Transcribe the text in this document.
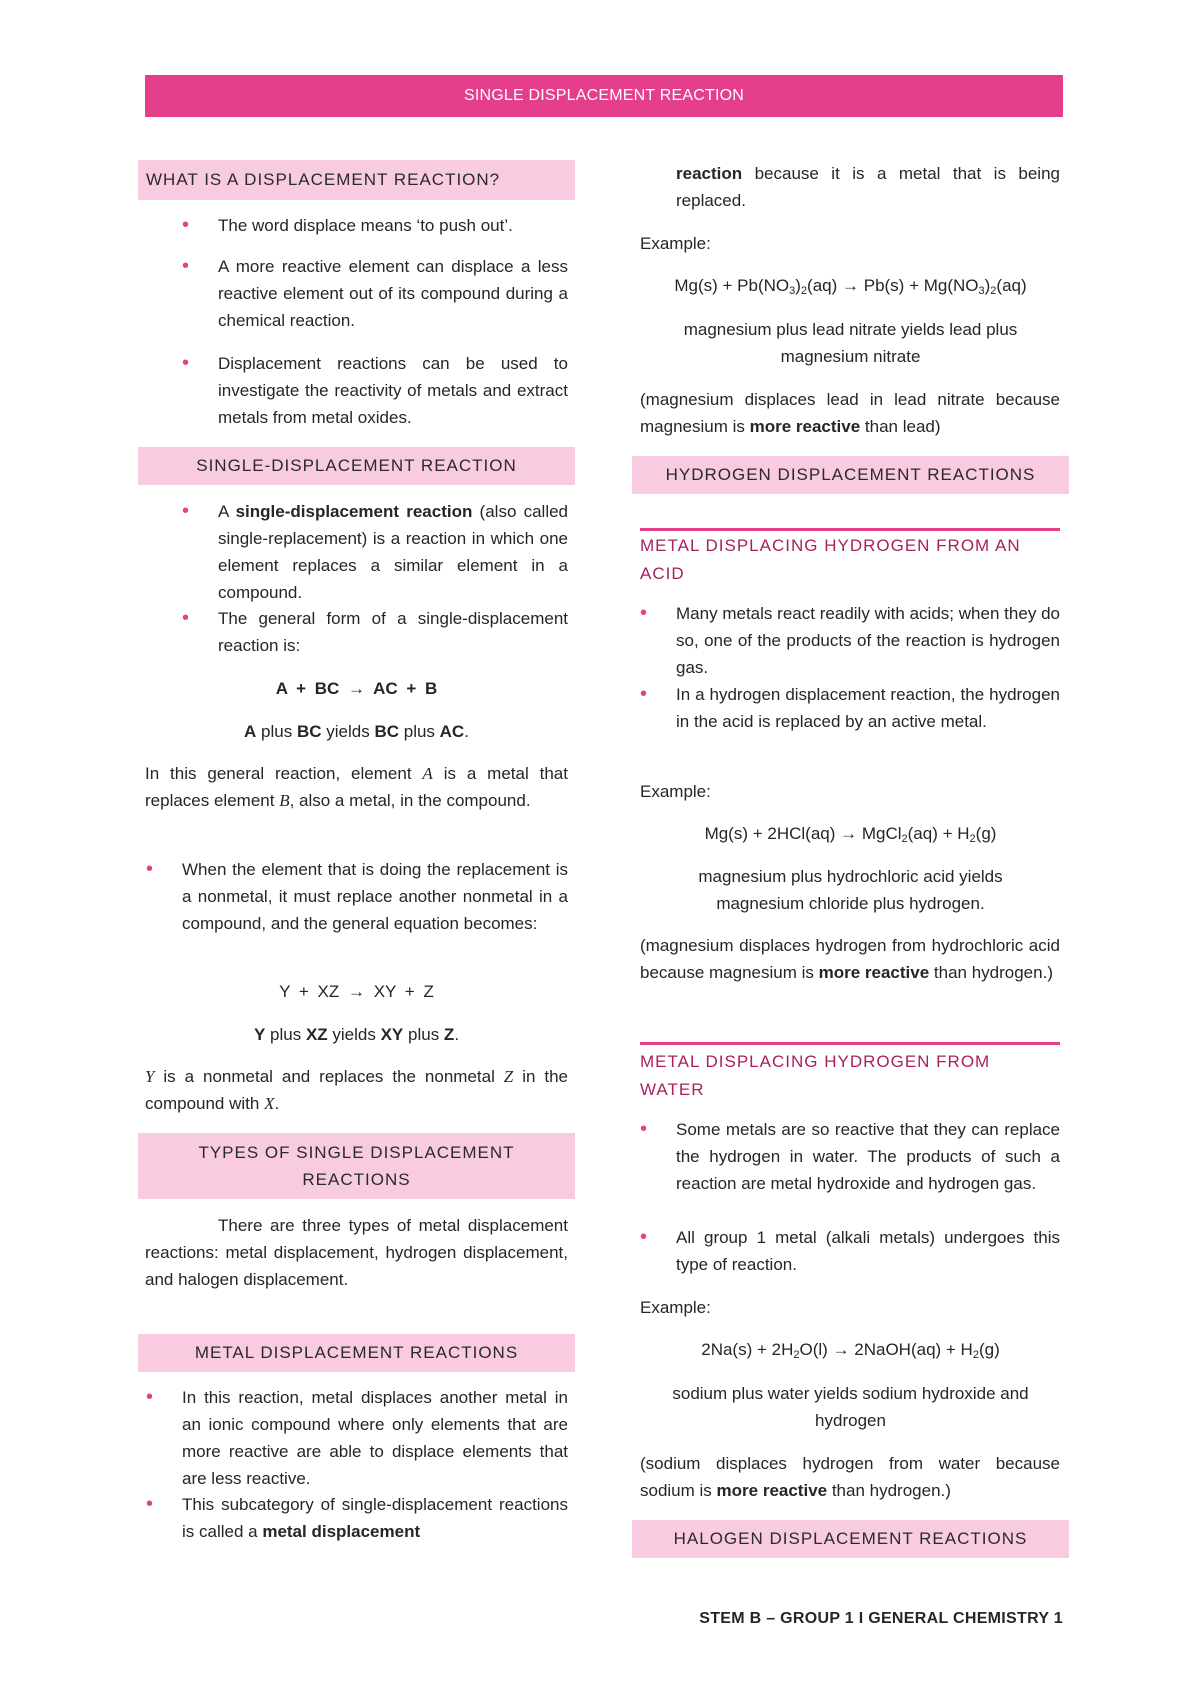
SINGLE DISPLACEMENT REACTION
WHAT IS A DISPLACEMENT REACTION?
• The word displace means ‘to push out’.
• A more reactive element can displace a less reactive element out of its compound during a chemical reaction.
• Displacement reactions can be used to investigate the reactivity of metals and extract metals from metal oxides.
SINGLE-DISPLACEMENT REACTION
• A single-displacement reaction (also called single-replacement) is a reaction in which one element replaces a similar element in a compound.
• The general form of a single-displacement reaction is:
A + BC → AC + B
A plus BC yields BC plus AC.
In this general reaction, element A is a metal that replaces element B, also a metal, in the compound.
• When the element that is doing the replacement is a nonmetal, it must replace another nonmetal in a compound, and the general equation becomes:
Y + XZ → XY + Z
Y plus XZ yields XY plus Z.
Y is a nonmetal and replaces the nonmetal Z in the compound with X.
TYPES OF SINGLE DISPLACEMENT REACTIONS
There are three types of metal displacement reactions: metal displacement, hydrogen displacement, and halogen displacement.
METAL DISPLACEMENT REACTIONS
• In this reaction, metal displaces another metal in an ionic compound where only elements that are more reactive are able to displace elements that are less reactive.
• This subcategory of single-displacement reactions is called a metal displacement
reaction because it is a metal that is being replaced.
Example:
$Mg(s) + Pb(NO_3)_2(aq) \to Pb(s) + Mg(NO_3)_2(aq)$
magnesium plus lead nitrate yields lead plus magnesium nitrate
(magnesium displaces lead in lead nitrate because magnesium is more reactive than lead)
HYDROGEN DISPLACEMENT REACTIONS
METAL DISPLACING HYDROGEN FROM AN ACID
• Many metals react readily with acids; when they do so, one of the products of the reaction is hydrogen gas.
• In a hydrogen displacement reaction, the hydrogen in the acid is replaced by an active metal.
Example:
Mg(s) + 2HCl(aq) → MgCl$_2$(aq) + $H_2(g)$
magnesium plus hydrochloric acid yields magnesium chloride plus hydrogen.
(magnesium displaces hydrogen from hydrochloric acid because magnesium is more reactive than hydrogen.)
METAL DISPLACING HYDROGEN FROM WATER
• Some metals are so reactive that they can replace the hydrogen in water. The products of such a reaction are metal hydroxide and hydrogen gas.
• All group 1 metal (alkali metals) undergoes this type of reaction.
Example:
$2Na(s) + 2H_2O(l)$ → 2NaOH(aq) + $H_2(g)$
sodium plus water yields sodium hydroxide and hydrogen
(sodium displaces hydrogen from water because sodium is more reactive than hydrogen.)
HALOGEN DISPLACEMENT REACTIONS
STEM B – GROUP 1 I GENERAL CHEMISTRY 1
